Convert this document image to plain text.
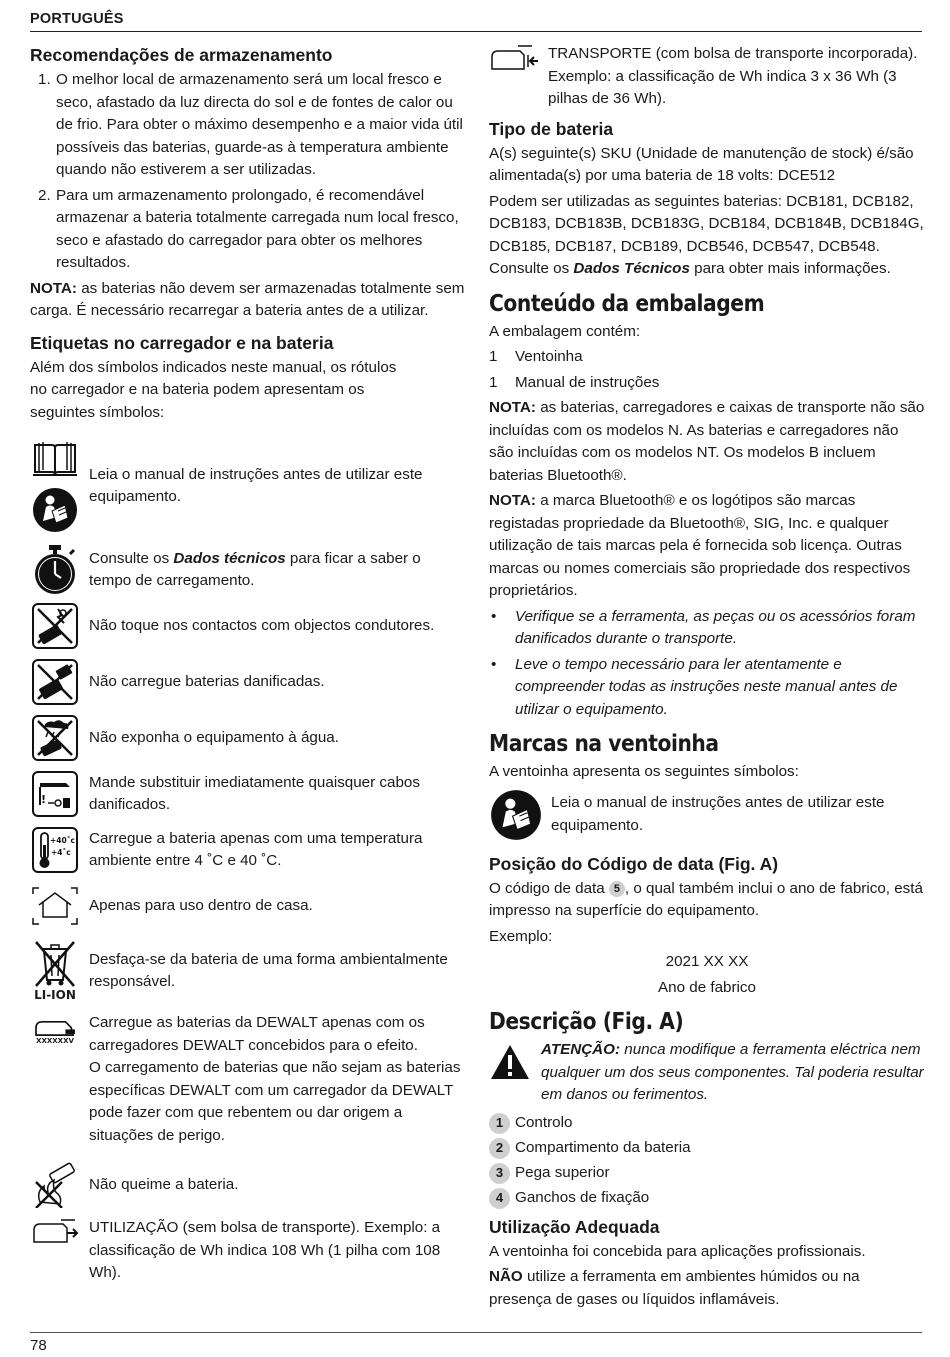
PORTUGUÊS
Recomendações de armazenamento
1. O melhor local de armazenamento será um local fresco e seco, afastado da luz directa do sol e de fontes de calor ou de frio. Para obter o máximo desempenho e a maior vida útil possíveis das baterias, guarde-as à temperatura ambiente quando não estiverem a ser utilizadas.
2. Para um armazenamento prolongado, é recomendável armazenar a bateria totalmente carregada num local fresco, seco e afastado do carregador para obter os melhores resultados.
NOTA: as baterias não devem ser armazenadas totalmente sem carga. É necessário recarregar a bateria antes de a utilizar.
Etiquetas no carregador e na bateria
Além dos símbolos indicados neste manual, os rótulos no carregador e na bateria podem apresentam os seguintes símbolos:
Leia o manual de instruções antes de utilizar este equipamento.
Consulte os Dados técnicos para ficar a saber o tempo de carregamento.
Não toque nos contactos com objectos condutores.
Não carregue baterias danificadas.
Não exponha o equipamento à água.
!
Mande substituir imediatamente quaisquer cabos danificados.
+40˚c
+4˚c
Carregue a bateria apenas com uma temperatura ambiente entre 4 ˚C e 40 ˚C.
Apenas para uso dentro de casa.
LI-ION
Desfaça-se da bateria de uma forma ambientalmente responsável.
XXXXXXV
Carregue as baterias da DEWALT apenas com os carregadores DEWALT concebidos para o efeito.
O carregamento de baterias que não sejam as baterias específicas DEWALT com um carregador da DEWALT pode fazer com que rebentem ou dar origem a situações de perigo.
Não queime a bateria.
UTILIZAÇÃO (sem bolsa de transporte). Exemplo: a classificação de Wh indica 108 Wh (1 pilha com 108 Wh).
TRANSPORTE (com bolsa de transporte incorporada). Exemplo: a classificação de Wh indica 3 x 36 Wh (3 pilhas de 36 Wh).
Tipo de bateria
A(s) seguinte(s) SKU (Unidade de manutenção de stock) é/são alimentada(s) por uma bateria de 18 volts: DCE512
Podem ser utilizadas as seguintes baterias: DCB181, DCB182, DCB183, DCB183B, DCB183G, DCB184, DCB184B, DCB184G, DCB185, DCB187, DCB189, DCB546, DCB547, DCB548. Consulte os Dados Técnicos para obter mais informações.
Conteúdo da embalagem
A embalagem contém:
1	Ventoinha
1	Manual de instruções
NOTA: as baterias, carregadores e caixas de transporte não são incluídas com os modelos N. As baterias e carregadores não são incluídas com os modelos NT. Os modelos B incluem baterias Bluetooth®.
NOTA: a marca Bluetooth® e os logótipos são marcas registadas propriedade da Bluetooth®, SIG, Inc. e qualquer utilização de tais marcas pela é fornecida sob licença. Outras marcas ou nomes comerciais são propriedade dos respectivos proprietários.
•	Verifique se a ferramenta, as peças ou os acessórios foram danificados durante o transporte.
•	Leve o tempo necessário para ler atentamente e compreender todas as instruções neste manual antes de utilizar o equipamento.
Marcas na ventoinha
A ventoinha apresenta os seguintes símbolos:
Leia o manual de instruções antes de utilizar este equipamento.
Posição do Código de data (Fig. A)
O código de data 5 , o qual também inclui o ano de fabrico, está impresso na superfície do equipamento.
Exemplo:
2021 XX XX
Ano de fabrico
Descrição (Fig. A)
ATENÇÃO: nunca modifique a ferramenta eléctrica nem qualquer um dos seus componentes. Tal poderia resultar em danos ou ferimentos.
1 Controlo
2 Compartimento da bateria
3 Pega superior
4 Ganchos de fixação
Utilização Adequada
A ventoinha foi concebida para aplicações profissionais.
NÃO utilize a ferramenta em ambientes húmidos ou na presença de gases ou líquidos inflamáveis.
78
